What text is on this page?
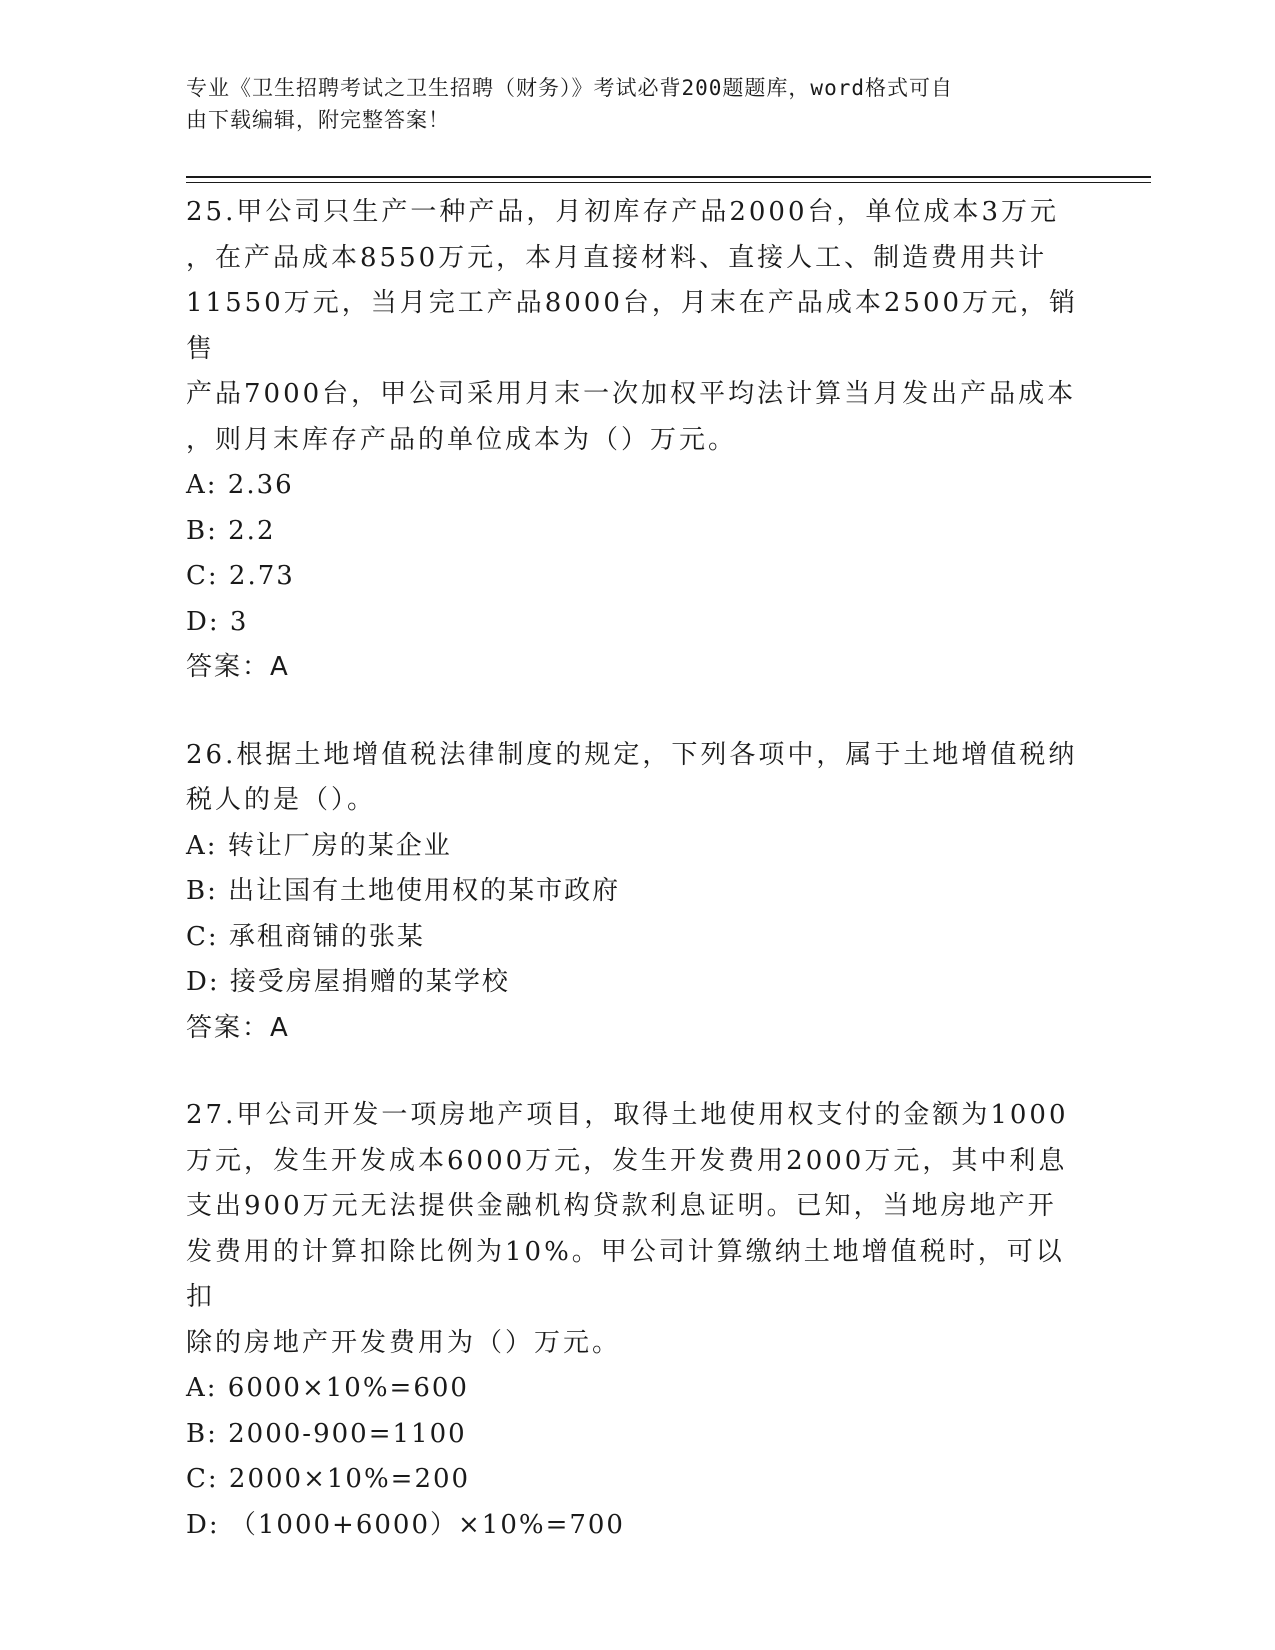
专业《卫生招聘考试之卫生招聘（财务）》考试必背200题题库，word格式可自
由下载编辑，附完整答案！
25.甲公司只生产一种产品，月初库存产品2000台，单位成本3万元
，在产品成本8550万元，本月直接材料、直接人工、制造费用共计
11550万元，当月完工产品8000台，月末在产品成本2500万元，销售
产品7000台，甲公司采用月末一次加权平均法计算当月发出产品成本
，则月末库存产品的单位成本为（）万元。
A: 2.36
B: 2.2
C: 2.73
D: 3
答案：A
26.根据土地增值税法律制度的规定，下列各项中，属于土地增值税纳
税人的是（）。
A: 转让厂房的某企业
B: 出让国有土地使用权的某市政府
C: 承租商铺的张某
D: 接受房屋捐赠的某学校
答案：A
27.甲公司开发一项房地产项目，取得土地使用权支付的金额为1000
万元，发生开发成本6000万元，发生开发费用2000万元，其中利息
支出900万元无法提供金融机构贷款利息证明。已知，当地房地产开
发费用的计算扣除比例为10%。甲公司计算缴纳土地增值税时，可以扣
除的房地产开发费用为（）万元。
A: 6000×10%=600
B: 2000-900=1100
C: 2000×10%=200
D: （1000+6000）×10%=700
